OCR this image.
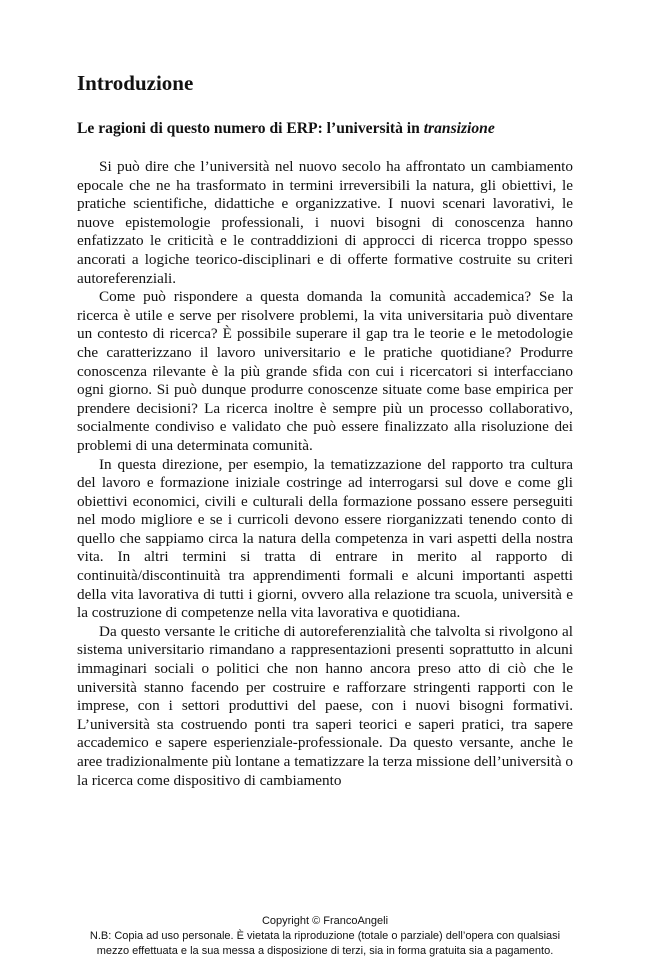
Introduzione
Le ragioni di questo numero di ERP: l’università in transizione

Si può dire che l’università nel nuovo secolo ha affrontato un cambiamento epocale che ne ha trasformato in termini irreversibili la natura, gli obiettivi, le pratiche scientifiche, didattiche e organizzative. I nuovi scenari lavorativi, le nuove epistemologie professionali, i nuovi bisogni di conoscenza hanno enfatizzato le criticità e le contraddizioni di approcci di ricerca troppo spesso ancorati a logiche teorico-disciplinari e di offerte formative costruite su criteri autoreferenziali.

Come può rispondere a questa domanda la comunità accademica? Se la ricerca è utile e serve per risolvere problemi, la vita universitaria può diventare un contesto di ricerca? È possibile superare il gap tra le teorie e le metodologie che caratterizzano il lavoro universitario e le pratiche quotidiane? Produrre conoscenza rilevante è la più grande sfida con cui i ricercatori si interfacciano ogni giorno. Si può dunque produrre conoscenze situate come base empirica per prendere decisioni? La ricerca inoltre è sempre più un processo collaborativo, socialmente condiviso e validato che può essere finalizzato alla risoluzione dei problemi di una determinata comunità.

In questa direzione, per esempio, la tematizzazione del rapporto tra cultura del lavoro e formazione iniziale costringe ad interrogarsi sul dove e come gli obiettivi economici, civili e culturali della formazione possano essere perseguiti nel modo migliore e se i curricoli devono essere riorganizzati tenendo conto di quello che sappiamo circa la natura della competenza in vari aspetti della nostra vita. In altri termini si tratta di entrare in merito al rapporto di continuità/discontinuità tra apprendimenti formali e alcuni importanti aspetti della vita lavorativa di tutti i giorni, ovvero alla relazione tra scuola, università e la costruzione di competenze nella vita lavorativa e quotidiana.

Da questo versante le critiche di autoreferenzialità che talvolta si rivolgono al sistema universitario rimandano a rappresentazioni presenti soprattutto in alcuni immaginari sociali o politici che non hanno ancora preso atto di ciò che le università stanno facendo per costruire e rafforzare stringenti rapporti con le imprese, con i settori produttivi del paese, con i nuovi bisogni formativi. L’università sta costruendo ponti tra saperi teorici e saperi pratici, tra sapere accademico e sapere esperienziale-professionale. Da questo versante, anche le aree tradizionalmente più lontane a tematizzare la terza missione dell’università o la ricerca come dispositivo di cambiamento

Copyright © FrancoAngeli
N.B: Copia ad uso personale. È vietata la riproduzione (totale o parziale) dell’opera con qualsiasi
mezzo effettuata e la sua messa a disposizione di terzi, sia in forma gratuita sia a pagamento.
